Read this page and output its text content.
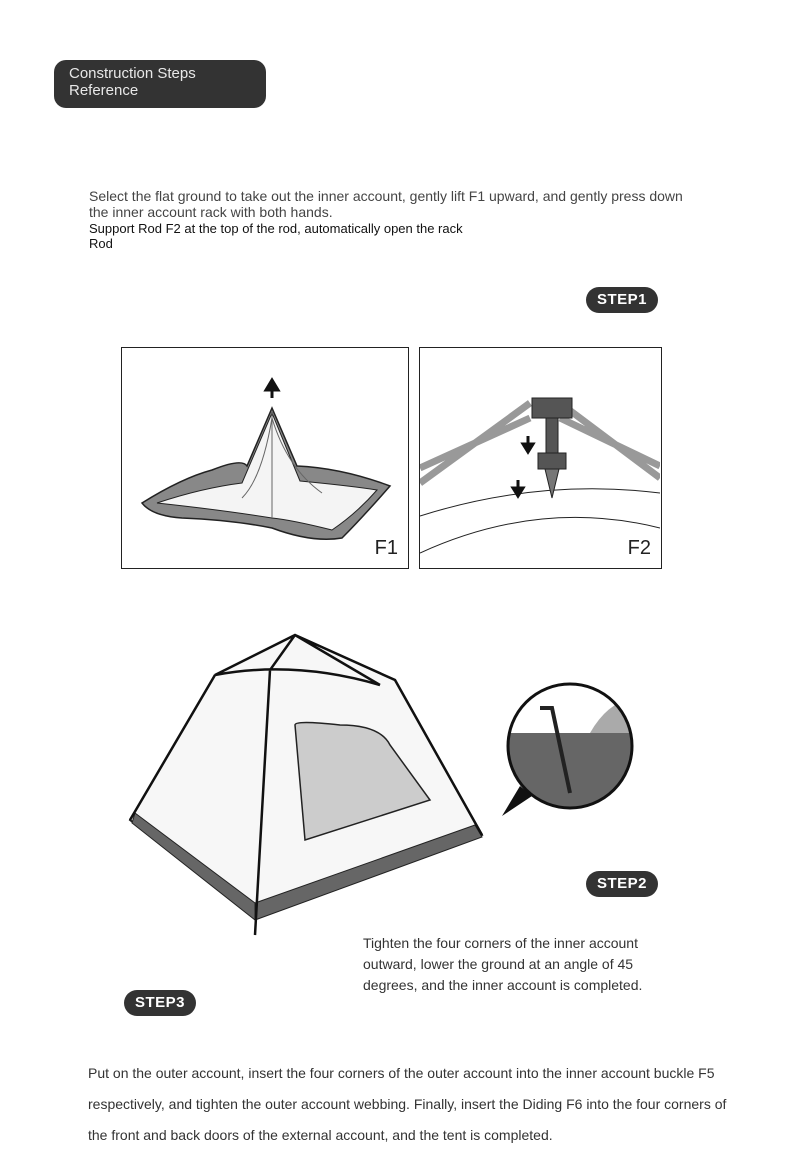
Construction Steps Reference
Select the flat ground to take out the inner account, gently lift F1 upward, and gently press down the inner account rack with both hands.
Support Rod F2 at the top of the rod, automatically open the rack Rod
STEP1
F1	F2
STEP2
Tighten the four corners of the inner account outward, lower the ground at an angle of 45 degrees, and the inner account is completed.
STEP3
Put on the outer account, insert the four corners of the outer account into the inner account buckle F5 respectively, and tighten the outer account webbing. Finally, insert the Diding F6 into the four corners of the front and back doors of the external account, and the tent is completed.
